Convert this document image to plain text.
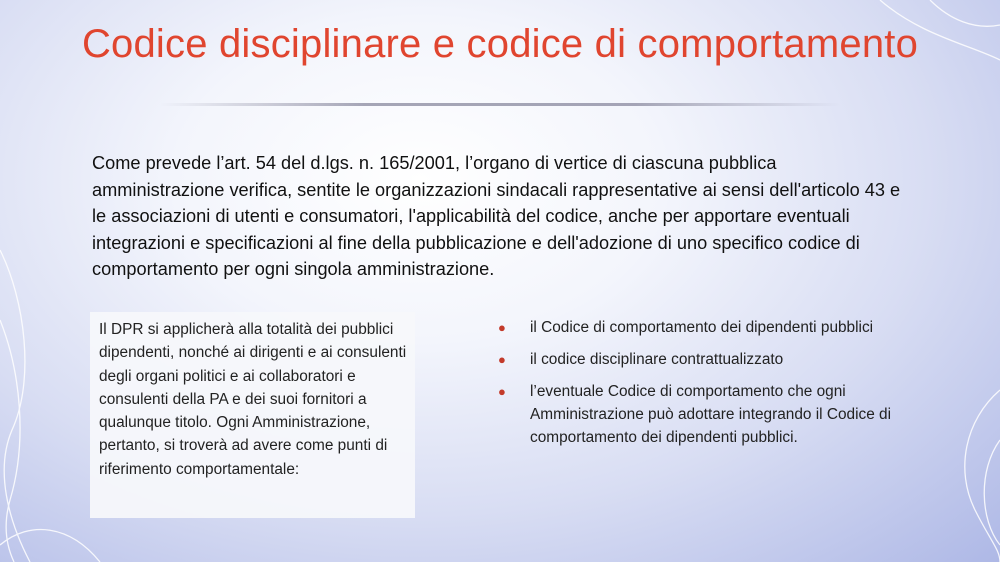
Codice disciplinare e codice di comportamento

Come prevede l’art. 54 del d.lgs. n. 165/2001, l’organo di vertice di ciascuna pubblica amministrazione verifica, sentite le organizzazioni sindacali rappresentative ai sensi dell'articolo 43 e le associazioni di utenti e consumatori, l'applicabilità del codice, anche per apportare eventuali integrazioni e specificazioni al fine della pubblicazione e dell'adozione di uno specifico codice di comportamento per ogni singola amministrazione.

Il DPR si applicherà alla totalità dei pubblici dipendenti, nonché ai dirigenti e ai consulenti degli organi politici e ai collaboratori e consulenti della PA e dei suoi fornitori a qualunque titolo. Ogni Amministrazione, pertanto, si troverà ad avere come punti di riferimento comportamentale:

● il Codice di comportamento dei dipendenti pubblici
● il codice disciplinare contrattualizzato
● l’eventuale Codice di comportamento che ogni Amministrazione può adottare integrando il Codice di comportamento dei dipendenti pubblici.
